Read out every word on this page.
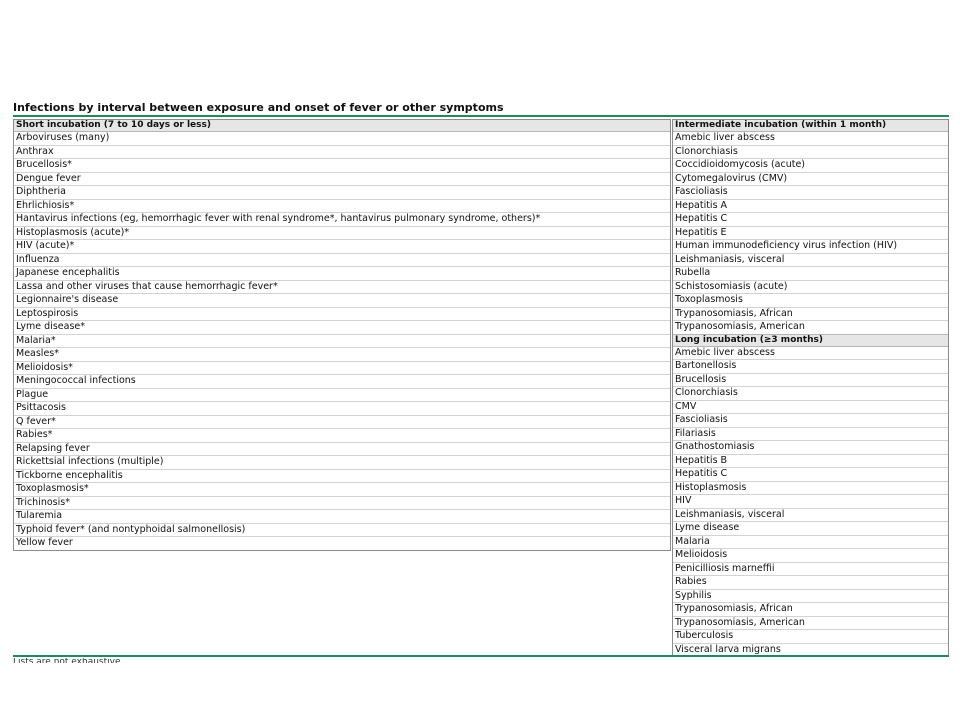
Infections by interval between exposure and onset of fever or other symptoms
Short incubation (7 to 10 days or less)
Arboviruses (many)
Anthrax
Brucellosis*
Dengue fever
Diphtheria
Ehrlichiosis*
Hantavirus infections (eg, hemorrhagic fever with renal syndrome*, hantavirus pulmonary syndrome, others)*
Histoplasmosis (acute)*
HIV (acute)*
Influenza
Japanese encephalitis
Lassa and other viruses that cause hemorrhagic fever*
Legionnaire's disease
Leptospirosis
Lyme disease*
Malaria*
Measles*
Melioidosis*
Meningococcal infections
Plague
Psittacosis
Q fever*
Rabies*
Relapsing fever
Rickettsial infections (multiple)
Tickborne encephalitis
Toxoplasmosis*
Trichinosis*
Tularemia
Typhoid fever* (and nontyphoidal salmonellosis)
Yellow fever
Intermediate incubation (within 1 month)
Amebic liver abscess
Clonorchiasis
Coccidioidomycosis (acute)
Cytomegalovirus (CMV)
Fascioliasis
Hepatitis A
Hepatitis C
Hepatitis E
Human immunodeficiency virus infection (HIV)
Leishmaniasis, visceral
Rubella
Schistosomiasis (acute)
Toxoplasmosis
Trypanosomiasis, African
Trypanosomiasis, American
Long incubation (≥3 months)
Amebic liver abscess
Bartonellosis
Brucellosis
Clonorchiasis
CMV
Fascioliasis
Filariasis
Gnathostomiasis
Hepatitis B
Hepatitis C
Histoplasmosis
HIV
Leishmaniasis, visceral
Lyme disease
Malaria
Melioidosis
Penicilliosis marneffii
Rabies
Syphilis
Trypanosomiasis, African
Trypanosomiasis, American
Tuberculosis
Visceral larva migrans
Lists are not exhaustive.
